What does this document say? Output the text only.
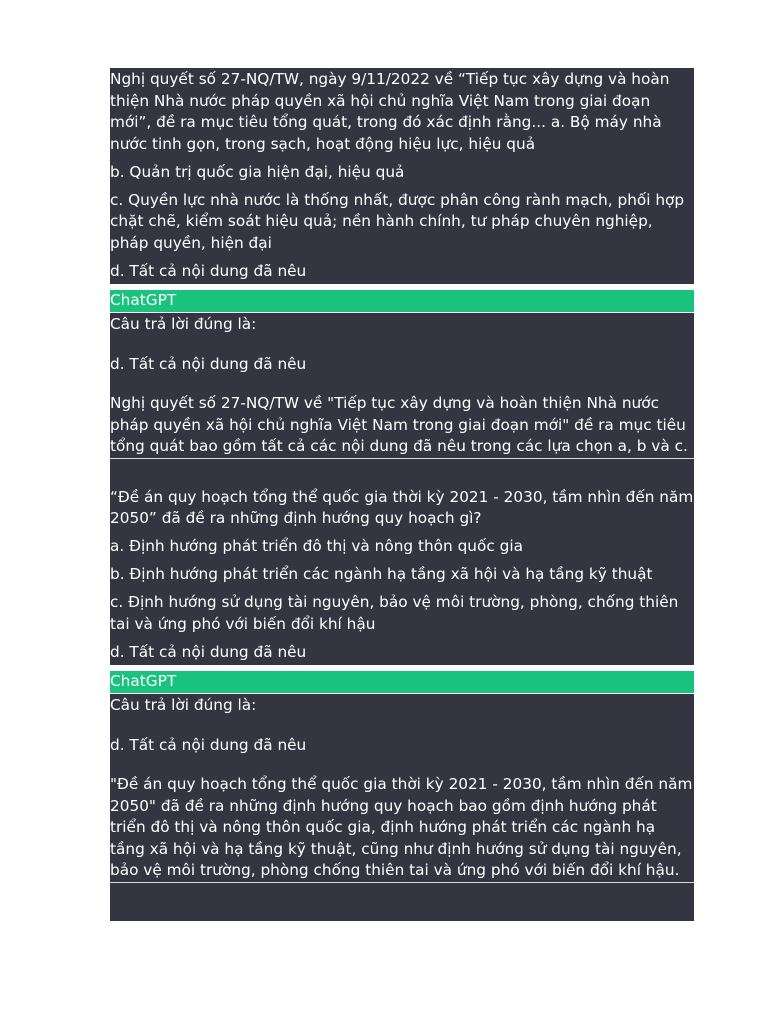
Nghị quyết số 27-NQ/TW, ngày 9/11/2022 về “Tiếp tục xây dựng và hoàn thiện Nhà nước pháp quyền xã hội chủ nghĩa Việt Nam trong giai đoạn mới”, đề ra mục tiêu tổng quát, trong đó xác định rằng... a. Bộ máy nhà nước tinh gọn, trong sạch, hoạt động hiệu lực, hiệu quả

b. Quản trị quốc gia hiện đại, hiệu quả

c. Quyền lực nhà nước là thống nhất, được phân công rành mạch, phối hợp chặt chẽ, kiểm soát hiệu quả; nền hành chính, tư pháp chuyên nghiệp, pháp quyền, hiện đại

d. Tất cả nội dung đã nêu

ChatGPT

Câu trả lời đúng là:

d. Tất cả nội dung đã nêu

Nghị quyết số 27-NQ/TW về "Tiếp tục xây dựng và hoàn thiện Nhà nước pháp quyền xã hội chủ nghĩa Việt Nam trong giai đoạn mới" đề ra mục tiêu tổng quát bao gồm tất cả các nội dung đã nêu trong các lựa chọn a, b và c.

“Đề án quy hoạch tổng thể quốc gia thời kỳ 2021 - 2030, tầm nhìn đến năm 2050” đã đề ra những định hướng quy hoạch gì?

a. Định hướng phát triển đô thị và nông thôn quốc gia

b. Định hướng phát triển các ngành hạ tầng xã hội và hạ tầng kỹ thuật

c. Định hướng sử dụng tài nguyên, bảo vệ môi trường, phòng, chống thiên tai và ứng phó với biến đổi khí hậu

d. Tất cả nội dung đã nêu

ChatGPT

Câu trả lời đúng là:

d. Tất cả nội dung đã nêu

"Đề án quy hoạch tổng thể quốc gia thời kỳ 2021 - 2030, tầm nhìn đến năm 2050" đã đề ra những định hướng quy hoạch bao gồm định hướng phát triển đô thị và nông thôn quốc gia, định hướng phát triển các ngành hạ tầng xã hội và hạ tầng kỹ thuật, cũng như định hướng sử dụng tài nguyên, bảo vệ môi trường, phòng chống thiên tai và ứng phó với biến đổi khí hậu.
